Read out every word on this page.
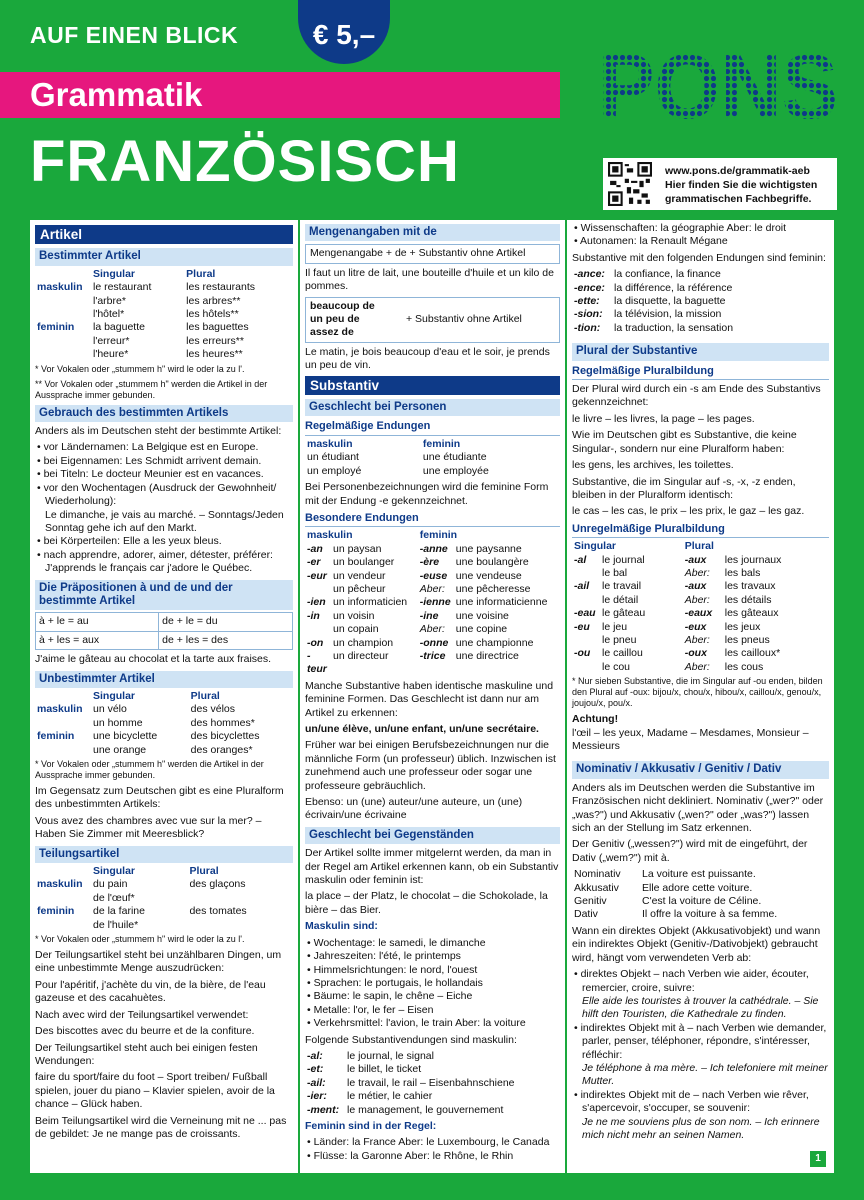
AUF EINEN BLICK	€ 5,–
Grammatik
FRANZÖSISCH
PONS
www.pons.de/grammatik-aeb
Hier finden Sie die wichtigsten
grammatischen Fachbegriffe.
Artikel
Bestimmter Artikel
	Singular	Plural
maskulin	le restaurant	les restaurants
	l'arbre*	les arbres**
	l'hôtel*	les hôtels**
feminin	la baguette	les baguettes
	l'erreur*	les erreurs**
	l'heure*	les heures**
* Vor Vokalen oder „stummem h" wird le oder la zu l'.
** Vor Vokalen oder „stummem h" werden die Artikel in der Aussprache immer gebunden.
Gebrauch des bestimmten Artikels
Anders als im Deutschen steht der bestimmte Artikel:
• vor Ländernamen: La Belgique est en Europe.
• bei Eigennamen: Les Schmidt arrivent demain.
• bei Titeln: Le docteur Meunier est en vacances.
• vor den Wochentagen (Ausdruck der Gewohnheit/ Wiederholung):
Le dimanche, je vais au marché. – Sonntags/Jeden Sonntag gehe ich auf den Markt.
• bei Körperteilen: Elle a les yeux bleus.
• nach apprendre, adorer, aimer, détester, préférer:
J'apprends le français car j'adore le Québec.
Die Präpositionen à und de und der bestimmte Artikel
à + le = au	de + le = du
à + les = aux	de + les = des
J'aime le gâteau au chocolat et la tarte aux fraises.
Unbestimmter Artikel
	Singular	Plural
maskulin	un vélo	des vélos
	un homme	des hommes*
feminin	une bicyclette	des bicyclettes
	une orange	des oranges*
* Vor Vokalen oder „stummem h" werden die Artikel in der Aussprache immer gebunden.
Im Gegensatz zum Deutschen gibt es eine Pluralform des unbestimmten Artikels:
Vous avez des chambres avec vue sur la mer? – Haben Sie Zimmer mit Meeresblick?
Teilungsartikel
	Singular	Plural
maskulin	du pain	des glaçons
	de l'œuf*	
feminin	de la farine	des tomates
	de l'huile*	
* Vor Vokalen oder „stummem h" wird le oder la zu l'.
Der Teilungsartikel steht bei unzählbaren Dingen, um eine unbestimmte Menge auszudrücken:
Pour l'apéritif, j'achète du vin, de la bière, de l'eau gazeuse et des cacahuètes.
Nach avec wird der Teilungsartikel verwendet:
Des biscottes avec du beurre et de la confiture.
Der Teilungsartikel steht auch bei einigen festen Wendungen:
faire du sport/faire du foot – Sport treiben/ Fußball spielen, jouer du piano – Klavier spielen, avoir de la chance – Glück haben.
Beim Teilungsartikel wird die Verneinung mit ne ... pas de gebildet: Je ne mange pas de croissants.
Mengenangaben mit de
Mengenangabe + de + Substantiv ohne Artikel
Il faut un litre de lait, une bouteille d'huile et un kilo de pommes.
beaucoup de
un peu de
assez de
+ Substantiv ohne Artikel
Le matin, je bois beaucoup d'eau et le soir, je prends un peu de vin.
Substantiv
Geschlecht bei Personen
Regelmäßige Endungen
maskulin	feminin
un étudiant	une étudiante
un employé	une employée
Bei Personenbezeichnungen wird die feminine Form mit der Endung -e gekennzeichnet.
Besondere Endungen
maskulin		feminin	
-an	un paysan	-anne	une paysanne
-er	un boulanger	-ère	une boulangère
-eur	un vendeur	-euse	une vendeuse
	un pêcheur	Aber:	une pêcheresse
-ien	un informaticien	-ienne	une informaticienne
-in	un voisin	-ine	une voisine
	un copain	Aber:	une copine
-on	un champion	-onne	une championne
-teur	un directeur	-trice	une directrice
Manche Substantive haben identische maskuline und feminine Formen. Das Geschlecht ist dann nur am Artikel zu erkennen:
un/une élève, un/une enfant, un/une secrétaire.
Früher war bei einigen Berufsbezeichnungen nur die männliche Form (un professeur) üblich. Inzwischen ist zunehmend auch une professeur oder sogar une professeure gebräuchlich.
Ebenso: un (une) auteur/une auteure, un (une) écrivain/une écrivaine
Geschlecht bei Gegenständen
Der Artikel sollte immer mitgelernt werden, da man in der Regel am Artikel erkennen kann, ob ein Substantiv maskulin oder feminin ist:
la place – der Platz, le chocolat – die Schokolade, la bière – das Bier.
Maskulin sind:
• Wochentage: le samedi, le dimanche
• Jahreszeiten: l'été, le printemps
• Himmelsrichtungen: le nord, l'ouest
• Sprachen: le portugais, le hollandais
• Bäume: le sapin, le chêne – Eiche
• Metalle: l'or, le fer – Eisen
• Verkehrsmittel: l'avion, le train Aber: la voiture
Folgende Substantivendungen sind maskulin:
-al:	le journal, le signal
-et:	le billet, le ticket
-ail:	le travail, le rail – Eisenbahnschiene
-ier:	le métier, le cahier
-ment:	le management, le gouvernement
Feminin sind in der Regel:
• Länder: la France Aber: le Luxembourg, le Canada
• Flüsse: la Garonne Aber: le Rhône, le Rhin
• Wissenschaften: la géographie Aber: le droit
• Autonamen: la Renault Mégane
Substantive mit den folgenden Endungen sind feminin:
-ance:	la confiance, la finance
-ence:	la différence, la référence
-ette:	la disquette, la baguette
-sion:	la télévision, la mission
-tion:	la traduction, la sensation
Plural der Substantive
Regelmäßige Pluralbildung
Der Plural wird durch ein -s am Ende des Substantivs gekennzeichnet:
le livre – les livres, la page – les pages.
Wie im Deutschen gibt es Substantive, die keine Singular-, sondern nur eine Pluralform haben:
les gens, les archives, les toilettes.
Substantive, die im Singular auf -s, -x, -z enden, bleiben in der Pluralform identisch:
le cas – les cas, le prix – les prix, le gaz – les gaz.
Unregelmäßige Pluralbildung
Singular		Plural	
-al	le journal	-aux	les journaux
	le bal	Aber:	les bals
-ail	le travail	-aux	les travaux
	le détail	Aber:	les détails
-eau	le gâteau	-eaux	les gâteaux
-eu	le jeu	-eux	les jeux
	le pneu	Aber:	les pneus
-ou	le caillou	-oux	les cailloux*
	le cou	Aber:	les cous
* Nur sieben Substantive, die im Singular auf -ou enden, bilden den Plural auf -oux: bijou/x, chou/x, hibou/x, caillou/x, genou/x, joujou/x, pou/x.
Achtung!
l'œil – les yeux, Madame – Mesdames, Monsieur – Messieurs
Nominativ / Akkusativ / Genitiv / Dativ
Anders als im Deutschen werden die Substantive im Französischen nicht dekliniert. Nominativ („wer?" oder „was?") und Akkusativ („wen?" oder „was?") lassen sich an der Stellung im Satz erkennen.
Der Genitiv („wessen?") wird mit de eingeführt, der Dativ („wem?") mit à.
Nominativ	La voiture est puissante.
Akkusativ	Elle adore cette voiture.
Genitiv	C'est la voiture de Céline.
Dativ	Il offre la voiture à sa femme.
Wann ein direktes Objekt (Akkusativobjekt) und wann ein indirektes Objekt (Genitiv-/Dativobjekt) gebraucht wird, hängt vom verwendeten Verb ab:
• direktes Objekt – nach Verben wie aider, écouter, remercier, croire, suivre:
Elle aide les touristes à trouver la cathédrale. – Sie hilft den Touristen, die Kathedrale zu finden.
• indirektes Objekt mit à – nach Verben wie demander, parler, penser, téléphoner, répondre, s'intéresser, réfléchir:
Je téléphone à ma mère. – Ich telefoniere mit meiner Mutter.
• indirektes Objekt mit de – nach Verben wie rêver, s'apercevoir, s'occuper, se souvenir:
Je ne me souviens plus de son nom. – Ich erinnere mich nicht mehr an seinen Namen.
1
